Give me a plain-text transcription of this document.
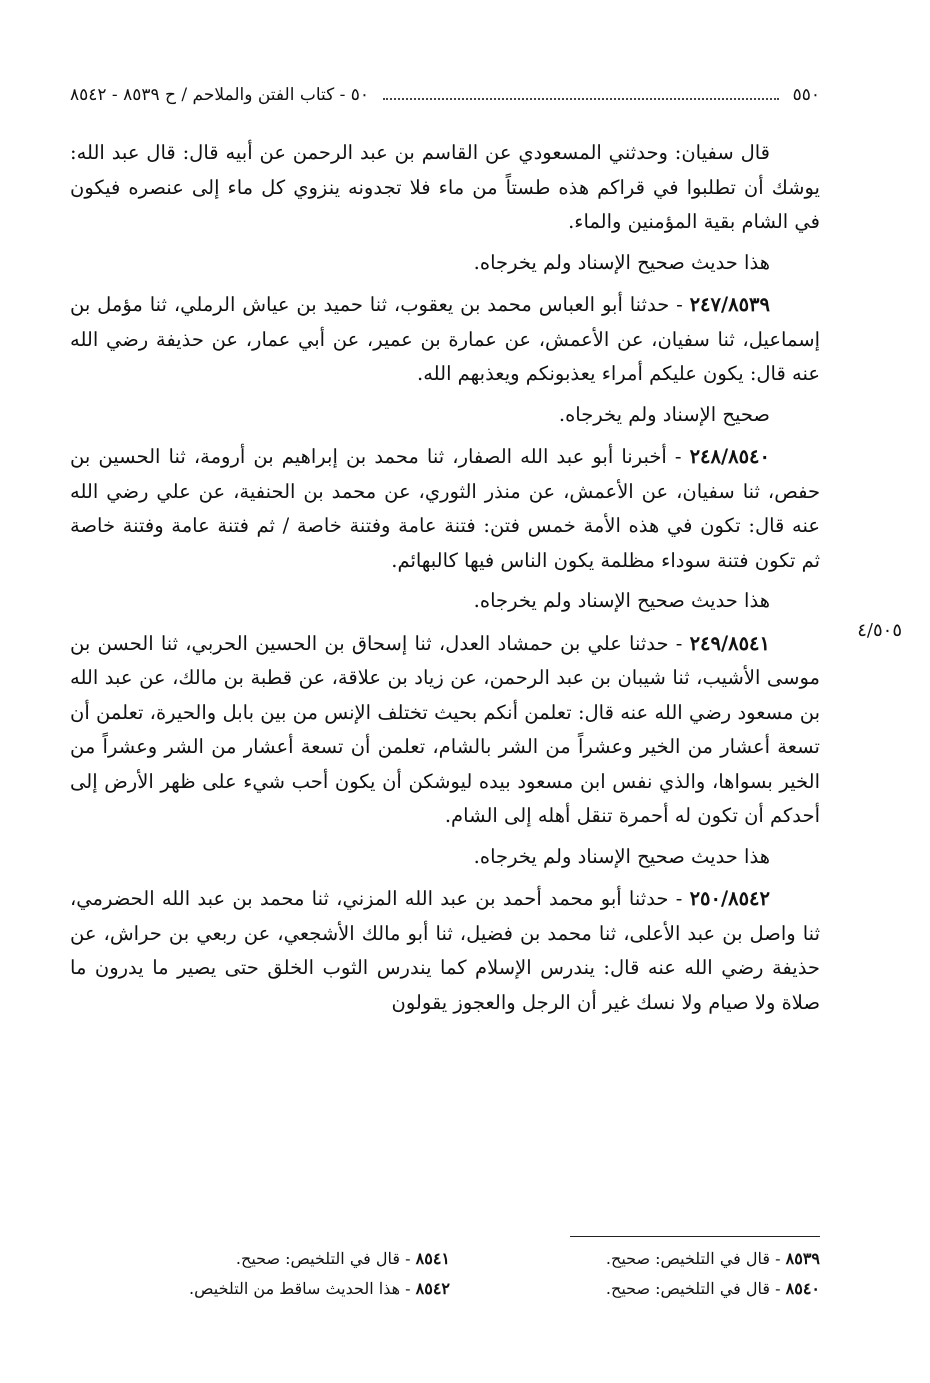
٥٥٠
٥٠ - كتاب الفتن والملاحم / ح ٨٥٣٩ - ٨٥٤٢

قال سفيان: وحدثني المسعودي عن القاسم بن عبد الرحمن عن أبيه قال: قال عبد الله: يوشك أن تطلبوا في قراكم هذه طستاً من ماء فلا تجدونه ينزوي كل ماء إلى عنصره فيكون في الشام بقية المؤمنين والماء.

هذا حديث صحيح الإسناد ولم يخرجاه.

٢٤٧/٨٥٣٩ - حدثنا أبو العباس محمد بن يعقوب، ثنا حميد بن عياش الرملي، ثنا مؤمل بن إسماعيل، ثنا سفيان، عن الأعمش، عن عمارة بن عمير، عن أبي عمار، عن حذيفة رضي الله عنه قال: يكون عليكم أمراء يعذبونكم ويعذبهم الله.

صحيح الإسناد ولم يخرجاه.

٢٤٨/٨٥٤٠ - أخبرنا أبو عبد الله الصفار، ثنا محمد بن إبراهيم بن أرومة، ثنا الحسين بن حفص، ثنا سفيان، عن الأعمش، عن منذر الثوري، عن محمد بن الحنفية، عن علي رضي الله عنه قال: تكون في هذه الأمة خمس فتن: فتنة عامة وفتنة خاصة / ثم فتنة عامة وفتنة خاصة ثم تكون فتنة سوداء مظلمة يكون الناس فيها كالبهائم.

هذا حديث صحيح الإسناد ولم يخرجاه.

٢٤٩/٨٥٤١ - حدثنا علي بن حمشاد العدل، ثنا إسحاق بن الحسين الحربي، ثنا الحسن بن موسى الأشيب، ثنا شيبان بن عبد الرحمن، عن زياد بن علاقة، عن قطبة بن مالك، عن عبد الله بن مسعود رضي الله عنه قال: تعلمن أنكم بحيث تختلف الإنس من بين بابل والحيرة، تعلمن أن تسعة أعشار من الخير وعشراً من الشر بالشام، تعلمن أن تسعة أعشار من الشر وعشراً من الخير بسواها، والذي نفس ابن مسعود بيده ليوشكن أن يكون أحب شيء على ظهر الأرض إلى أحدكم أن تكون له أحمرة تنقل أهله إلى الشام.

هذا حديث صحيح الإسناد ولم يخرجاه.

٢٥٠/٨٥٤٢ - حدثنا أبو محمد أحمد بن عبد الله المزني، ثنا محمد بن عبد الله الحضرمي، ثنا واصل بن عبد الأعلى، ثنا محمد بن فضيل، ثنا أبو مالك الأشجعي، عن ربعي بن حراش، عن حذيفة رضي الله عنه قال: يندرس الإسلام كما يندرس الثوب الخلق حتى يصير ما يدرون ما صلاة ولا صيام ولا نسك غير أن الرجل والعجوز يقولون

٤/٥٠٥
٨٥٣٩ - قال في التلخيص: صحيح.
٨٥٤١ - قال في التلخيص: صحيح.
٨٥٤٠ - قال في التلخيص: صحيح.
٨٥٤٢ - هذا الحديث ساقط من التلخيص.
